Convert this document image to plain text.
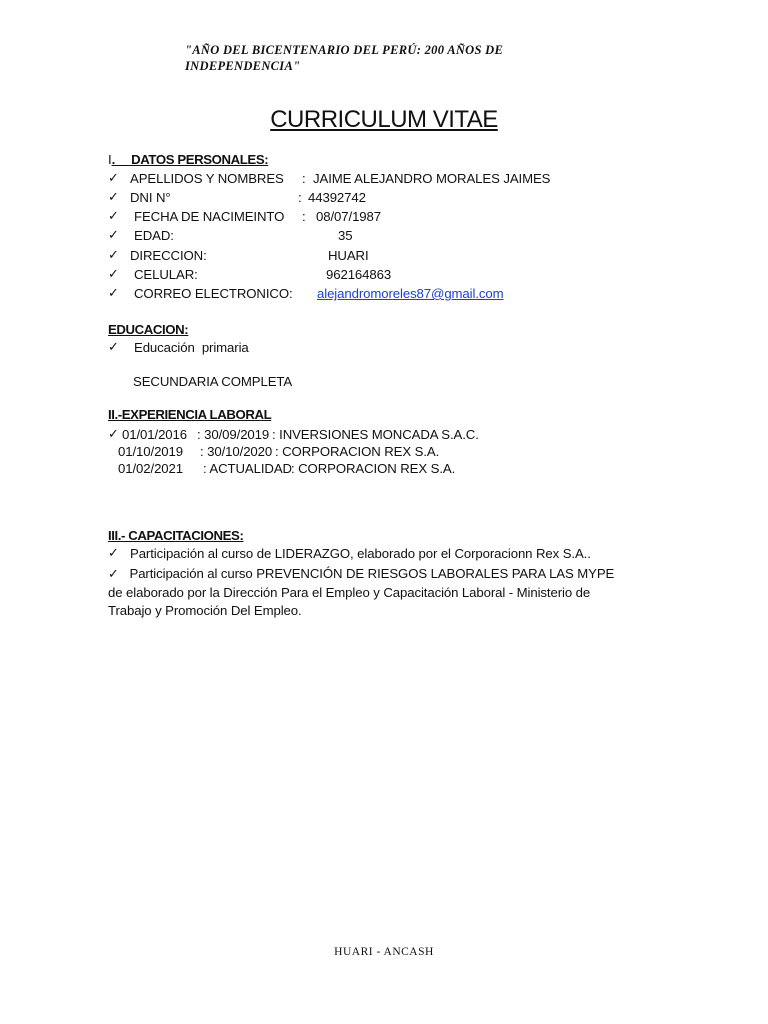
"AÑO DEL BICENTENARIO DEL PERÚ: 200 AÑOS DE INDEPENDENCIA"
CURRICULUM VITAE
I.     DATOS PERSONALES:
✓ APELLIDOS Y NOMBRES : JAIME ALEJANDRO MORALES JAIMES
✓ DNI N°	: 44392742
✓ FECHA DE NACIMEINTO : 08/07/1987
✓ EDAD:	35
✓ DIRECCION:	HUARI
✓ CELULAR:	962164863
✓ CORREO ELECTRONICO: alejandromoreles87@gmail.com
EDUCACION:
✓ Educación  primaria
SECUNDARIA COMPLETA
II.-EXPERIENCIA LABORAL
✓ 01/01/2016 : 30/09/2019 : INVERSIONES MONCADA S.A.C.
01/10/2019 : 30/10/2020 : CORPORACION REX S.A.
01/02/2021 : ACTUALIDAD : CORPORACION REX S.A.
III.- CAPACITACIONES:
✓ Participación al curso de LIDERAZGO, elaborado por el Corporacionn Rex S.A..
✓ Participación al curso PREVENCIÓN DE RIESGOS LABORALES PARA LAS MYPE de elaborado por la Dirección Para el Empleo y Capacitación Laboral - Ministerio de Trabajo y Promoción Del Empleo.
HUARI - ANCASH
